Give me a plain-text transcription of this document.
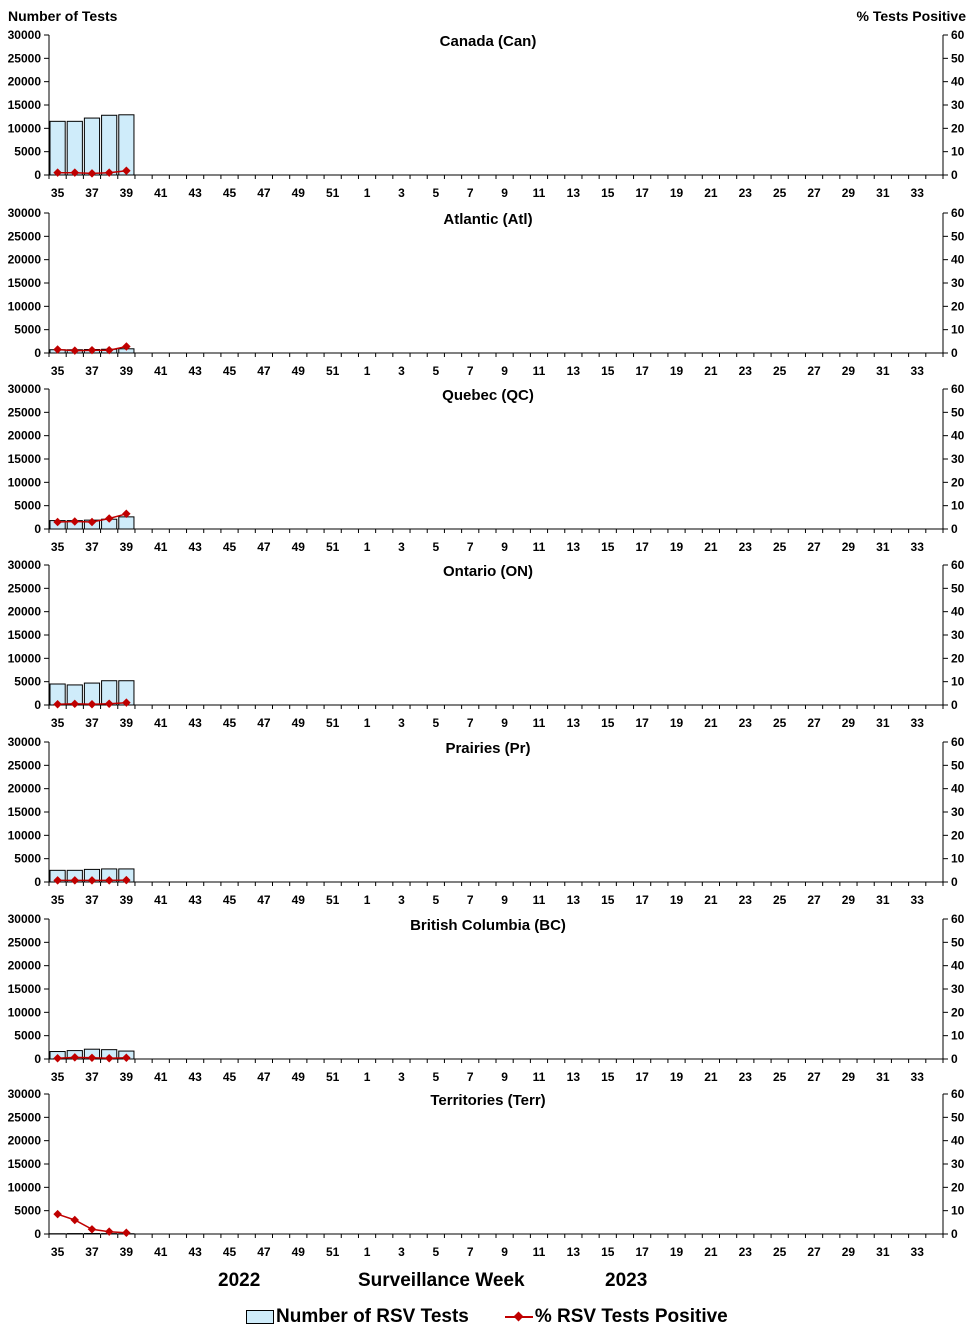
Number of Tests	% Tests Positive
Canada (Can)
0
5000
10000
15000
20000
25000
30000
0
10
20
30
40
50
60
35 37 39 41 43 45 47 49 51 1 3 5 7 9 11 13 15 17 19 21 23 25 27 29 31 33
Atlantic (Atl)
0
5000
10000
15000
20000
25000
30000
0
10
20
30
40
50
60
35 37 39 41 43 45 47 49 51 1 3 5 7 9 11 13 15 17 19 21 23 25 27 29 31 33
Quebec (QC)
0
5000
10000
15000
20000
25000
30000
0
10
20
30
40
50
60
35 37 39 41 43 45 47 49 51 1 3 5 7 9 11 13 15 17 19 21 23 25 27 29 31 33
Ontario (ON)
0
5000
10000
15000
20000
25000
30000
0
10
20
30
40
50
60
35 37 39 41 43 45 47 49 51 1 3 5 7 9 11 13 15 17 19 21 23 25 27 29 31 33
Prairies (Pr)
0
5000
10000
15000
20000
25000
30000
0
10
20
30
40
50
60
35 37 39 41 43 45 47 49 51 1 3 5 7 9 11 13 15 17 19 21 23 25 27 29 31 33
British Columbia (BC)
0
5000
10000
15000
20000
25000
30000
0
10
20
30
40
50
60
35 37 39 41 43 45 47 49 51 1 3 5 7 9 11 13 15 17 19 21 23 25 27 29 31 33
Territories (Terr)
0
5000
10000
15000
20000
25000
30000
0
10
20
30
40
50
60
35 37 39 41 43 45 47 49 51 1 3 5 7 9 11 13 15 17 19 21 23 25 27 29 31 33
2022	Surveillance Week	2023
Number of RSV Tests	% RSV Tests Positive
